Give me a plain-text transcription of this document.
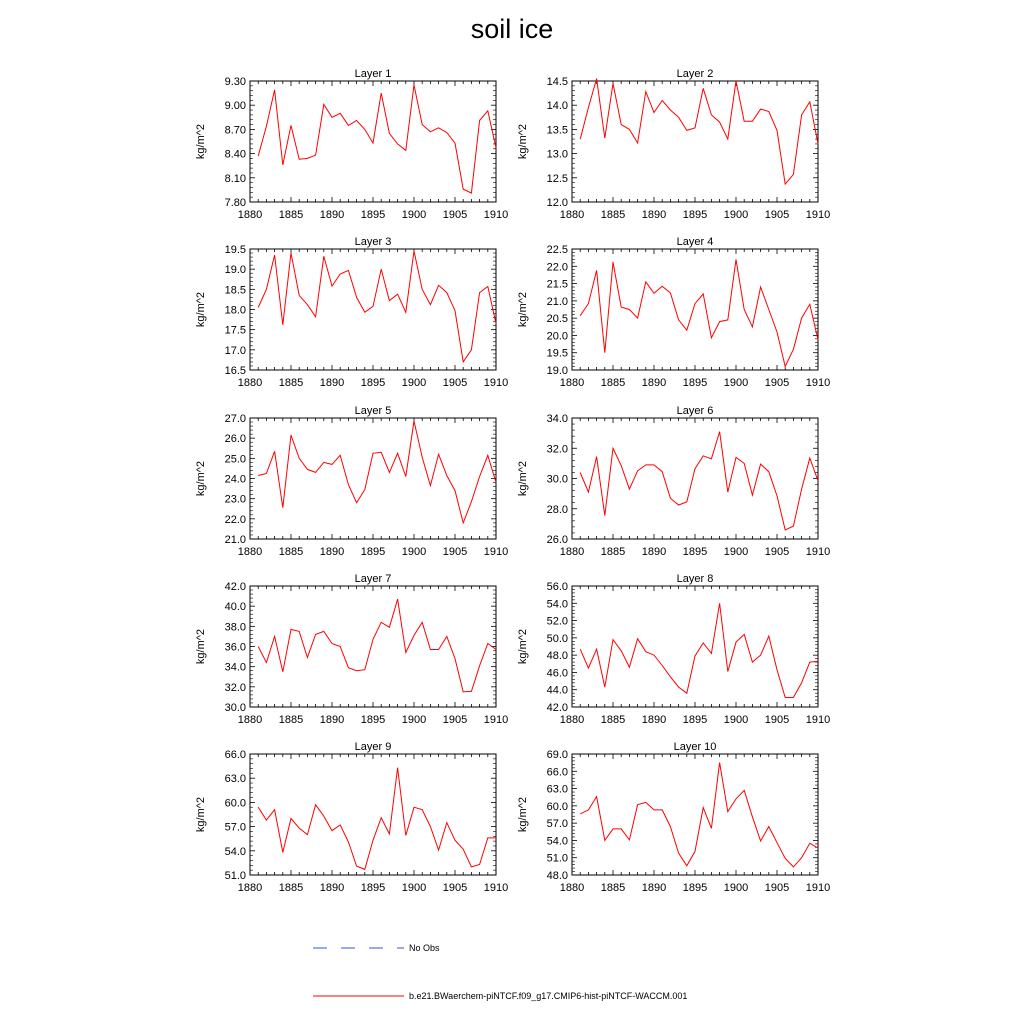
soil ice
Layer 1
kg/m^2
1880 1885 1890 1895 1900 1905 1910
7.80
8.10
8.40
8.70
9.00
9.30
Layer 2
kg/m^2
1880 1885 1890 1895 1900 1905 1910
12.0
12.5
13.0
13.5
14.0
14.5
Layer 3
kg/m^2
1880 1885 1890 1895 1900 1905 1910
16.5
17.0
17.5
18.0
18.5
19.0
19.5
Layer 4
kg/m^2
1880 1885 1890 1895 1900 1905 1910
19.0
19.5
20.0
20.5
21.0
21.5
22.0
22.5
Layer 5
kg/m^2
1880 1885 1890 1895 1900 1905 1910
21.0
22.0
23.0
24.0
25.0
26.0
27.0
Layer 6
kg/m^2
1880 1885 1890 1895 1900 1905 1910
26.0
28.0
30.0
32.0
34.0
Layer 7
kg/m^2
1880 1885 1890 1895 1900 1905 1910
30.0
32.0
34.0
36.0
38.0
40.0
42.0
Layer 8
kg/m^2
1880 1885 1890 1895 1900 1905 1910
42.0
44.0
46.0
48.0
50.0
52.0
54.0
56.0
Layer 9
kg/m^2
1880 1885 1890 1895 1900 1905 1910
51.0
54.0
57.0
60.0
63.0
66.0
Layer 10
kg/m^2
1880 1885 1890 1895 1900 1905 1910
48.0
51.0
54.0
57.0
60.0
63.0
66.0
69.0
No Obs
b.e21.BWaerchem-piNTCF.f09_g17.CMIP6-hist-piNTCF-WACCM.001
